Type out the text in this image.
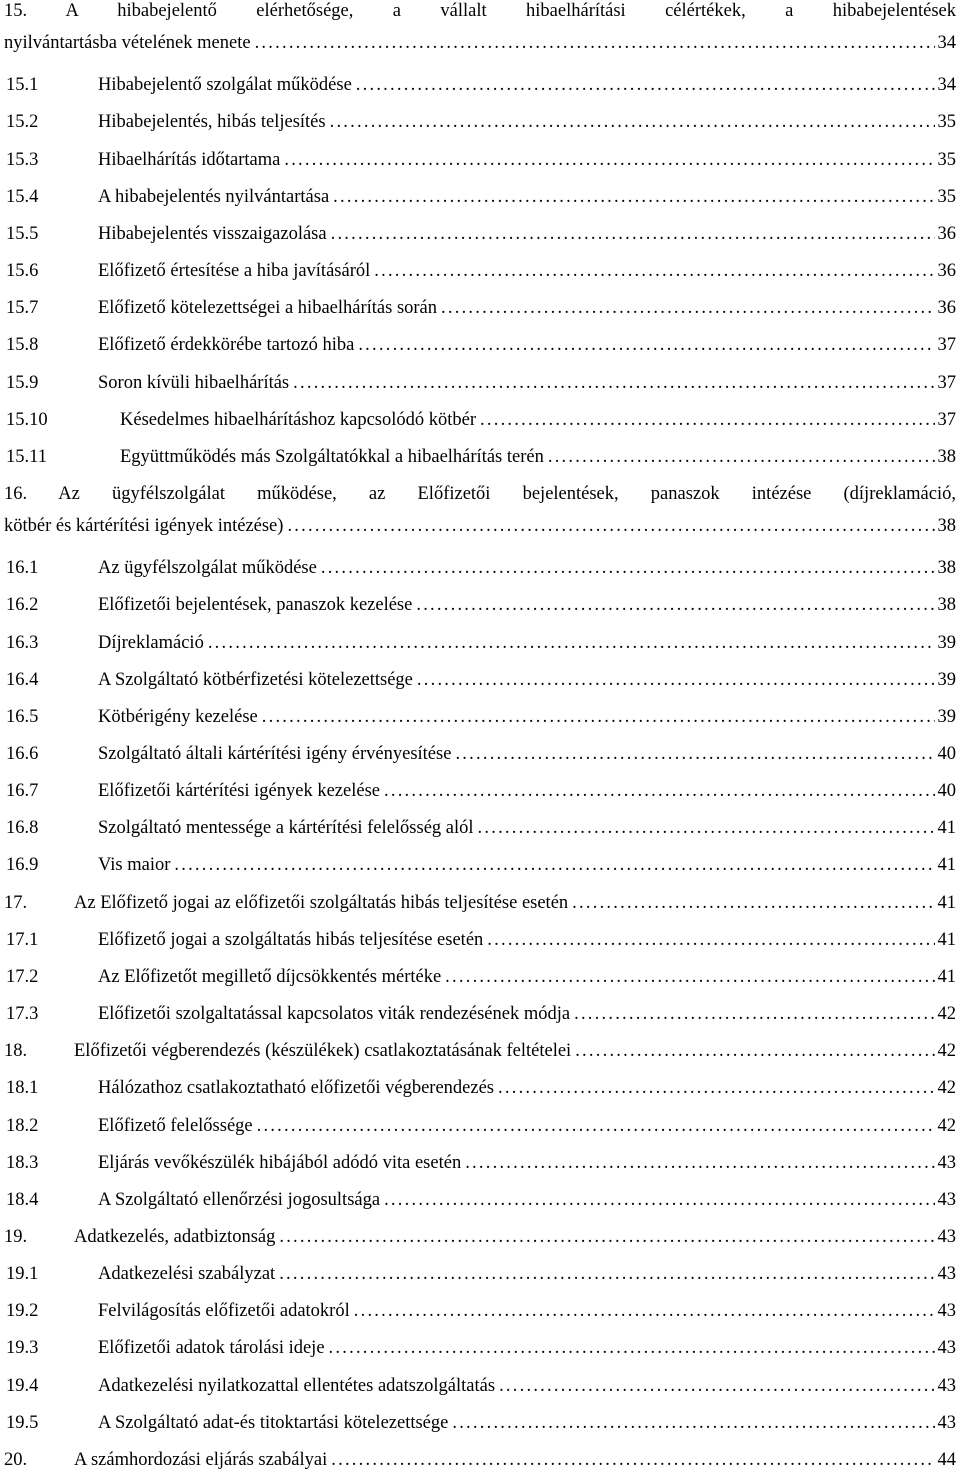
15. A hibabejelentő elérhetősége, a vállalt hibaelhárítási célértékek, a hibabejelentések
nyilvántartásba vételének menete . . .	34
15.1	Hibabejelentő szolgálat működése . . .	34
15.2	Hibabejelentés, hibás teljesítés . . .	35
15.3	Hibaelhárítás időtartama . . .	35
15.4	A hibabejelentés nyilvántartása . . .	35
15.5	Hibabejelentés visszaigazolása . . .	36
15.6	Előfizető értesítése a hiba javításáról . . .	36
15.7	Előfizető kötelezettségei a hibaelhárítás során . . .	36
15.8	Előfizető érdekkörébe tartozó hiba . . .	37
15.9	Soron kívüli hibaelhárítás . . .	37
15.10	Késedelmes hibaelhárításhoz kapcsolódó kötbér . . .	37
15.11	Együttműködés más Szolgáltatókkal a hibaelhárítás terén . . .	38
16. Az ügyfélszolgálat működése, az Előfizetői bejelentések, panaszok intézése (díjreklamáció,
kötbér és kártérítési igények intézése) . . .	38
16.1	Az ügyfélszolgálat működése . . .	38
16.2	Előfizetői bejelentések, panaszok kezelése . . .	38
16.3	Díjreklamáció . . .	39
16.4	A Szolgáltató kötbérfizetési kötelezettsége . . .	39
16.5	Kötbérigény kezelése . . .	39
16.6	Szolgáltató általi kártérítési igény érvényesítése . . .	40
16.7	Előfizetői kártérítési igények kezelése . . .	40
16.8	Szolgáltató mentessége a kártérítési felelősség alól . . .	41
16.9	Vis maior . . .	41
17.	Az Előfizető jogai az előfizetői szolgáltatás hibás teljesítése esetén . . .	41
17.1	Előfizető jogai a szolgáltatás hibás teljesítése esetén . . .	41
17.2	Az Előfizetőt megillető díjcsökkentés mértéke . . .	41
17.3	Előfizetői szolgaltatással kapcsolatos viták rendezésének módja . . .	42
18.	Előfizetői végberendezés (készülékek) csatlakoztatásának feltételei . . .	42
18.1	Hálózathoz csatlakoztatható előfizetői végberendezés . . .	42
18.2	Előfizető felelőssége . . .	42
18.3	Eljárás vevőkészülék hibájából adódó vita esetén . . .	43
18.4	A Szolgáltató ellenőrzési jogosultsága . . .	43
19.	Adatkezelés, adatbiztonság . . .	43
19.1	Adatkezelési szabályzat . . .	43
19.2	Felvilágosítás előfizetői adatokról . . .	43
19.3	Előfizetői adatok tárolási ideje . . .	43
19.4	Adatkezelési nyilatkozattal ellentétes adatszolgáltatás . . .	43
19.5	A Szolgáltató adat-és titoktartási kötelezettsége . . .	43
20.	A számhordozási eljárás szabályai . . .	44
